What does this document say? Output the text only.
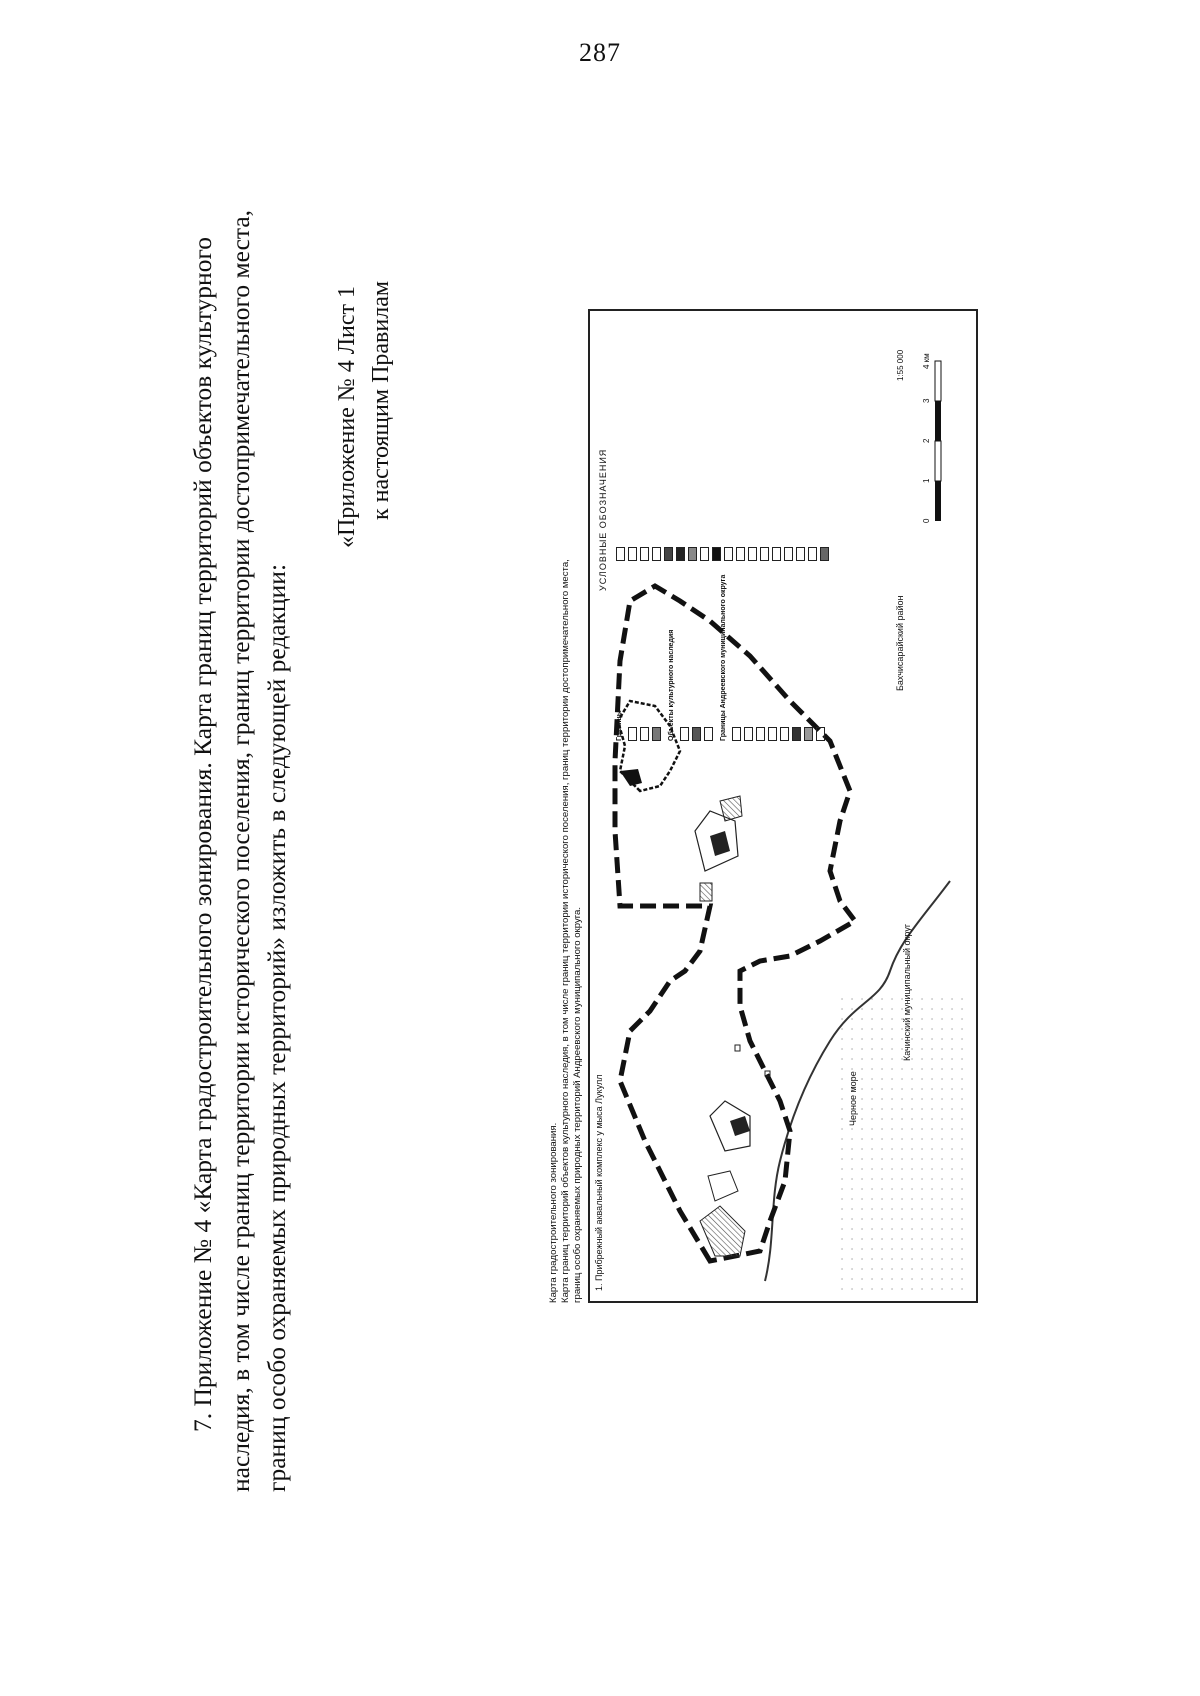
287
7. Приложение № 4 «Карта градостроительного зонирования. Карта границ территорий объектов культурного наследия, в том числе границ территории исторического поселения, границ территории достопримечательного места, границ особо охраняемых природных территорий» изложить в следующей редакции:
«Приложение № 4 Лист 1 к настоящим Правилам
Карта градостроительного зонирования. Карта границ территорий объектов культурного наследия, в том числе границ территории исторического поселения, границ территории достопримечательного места, границ особо охраняемых природных территорий Андреевского муниципального округа. 1. Прибрежный аквальный комплекс у мыса Лукулл	Черное море
Качинский муниципальный округ
Бахчисарайский район
УСЛОВНЫЕ ОБОЗНАЧЕНИЯ
Границы	Объекты культурного наследия	Границы Андреевского муниципального округа
1:55 000
0
1
2
3
4 км
